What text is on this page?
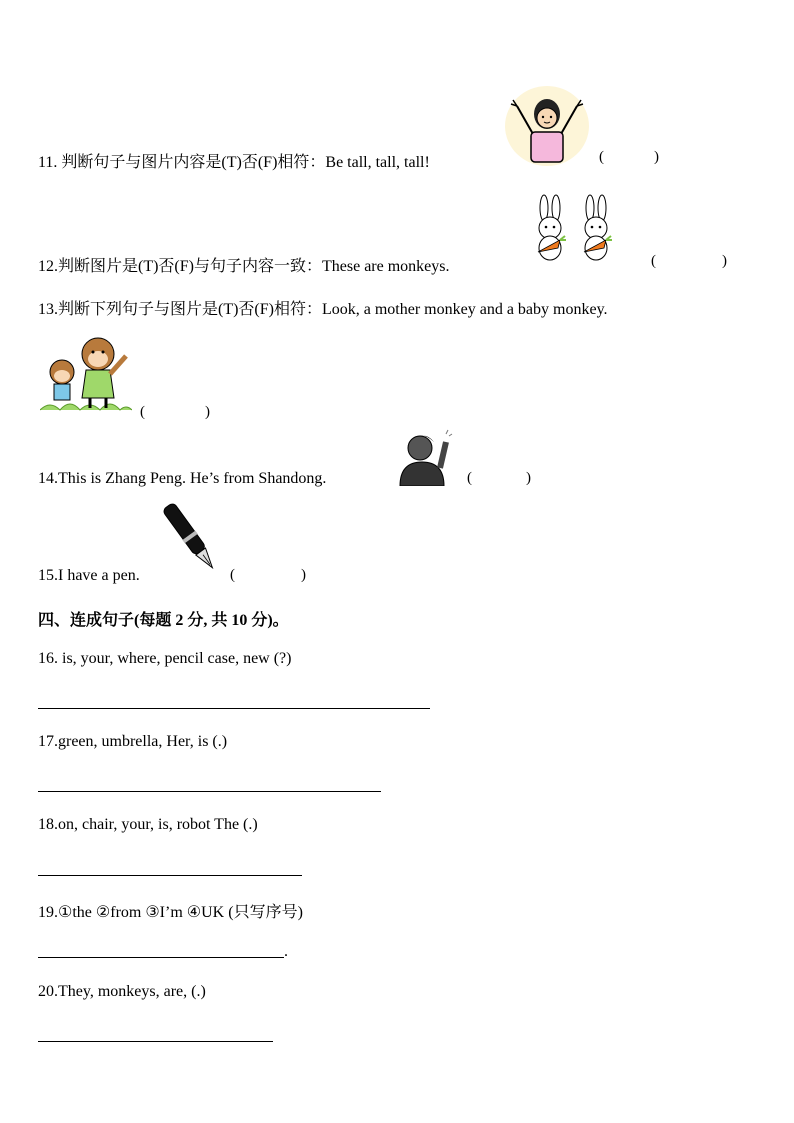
11. 判断句子与图片内容是(T)否(F)相符：Be tall, tall, tall!	(	)
12.判断图片是(T)否(F)与句子内容一致：These are monkeys.	(	)
13.判断下列句子与图片是(T)否(F)相符：Look, a mother monkey and a baby monkey.
(	)
14.This is Zhang Peng. He’s from Shandong.	(	)
15.I have a pen.	(	)
四、连成句子(每题 2 分, 共 10 分)。
16. is, your, where, pencil case, new (?)
17.green, umbrella, Her, is (.)
18.on, chair, your, is, robot The (.)
19.①the ②from ③I’m ④UK (只写序号)
.
20.They, monkeys, are, (.)
